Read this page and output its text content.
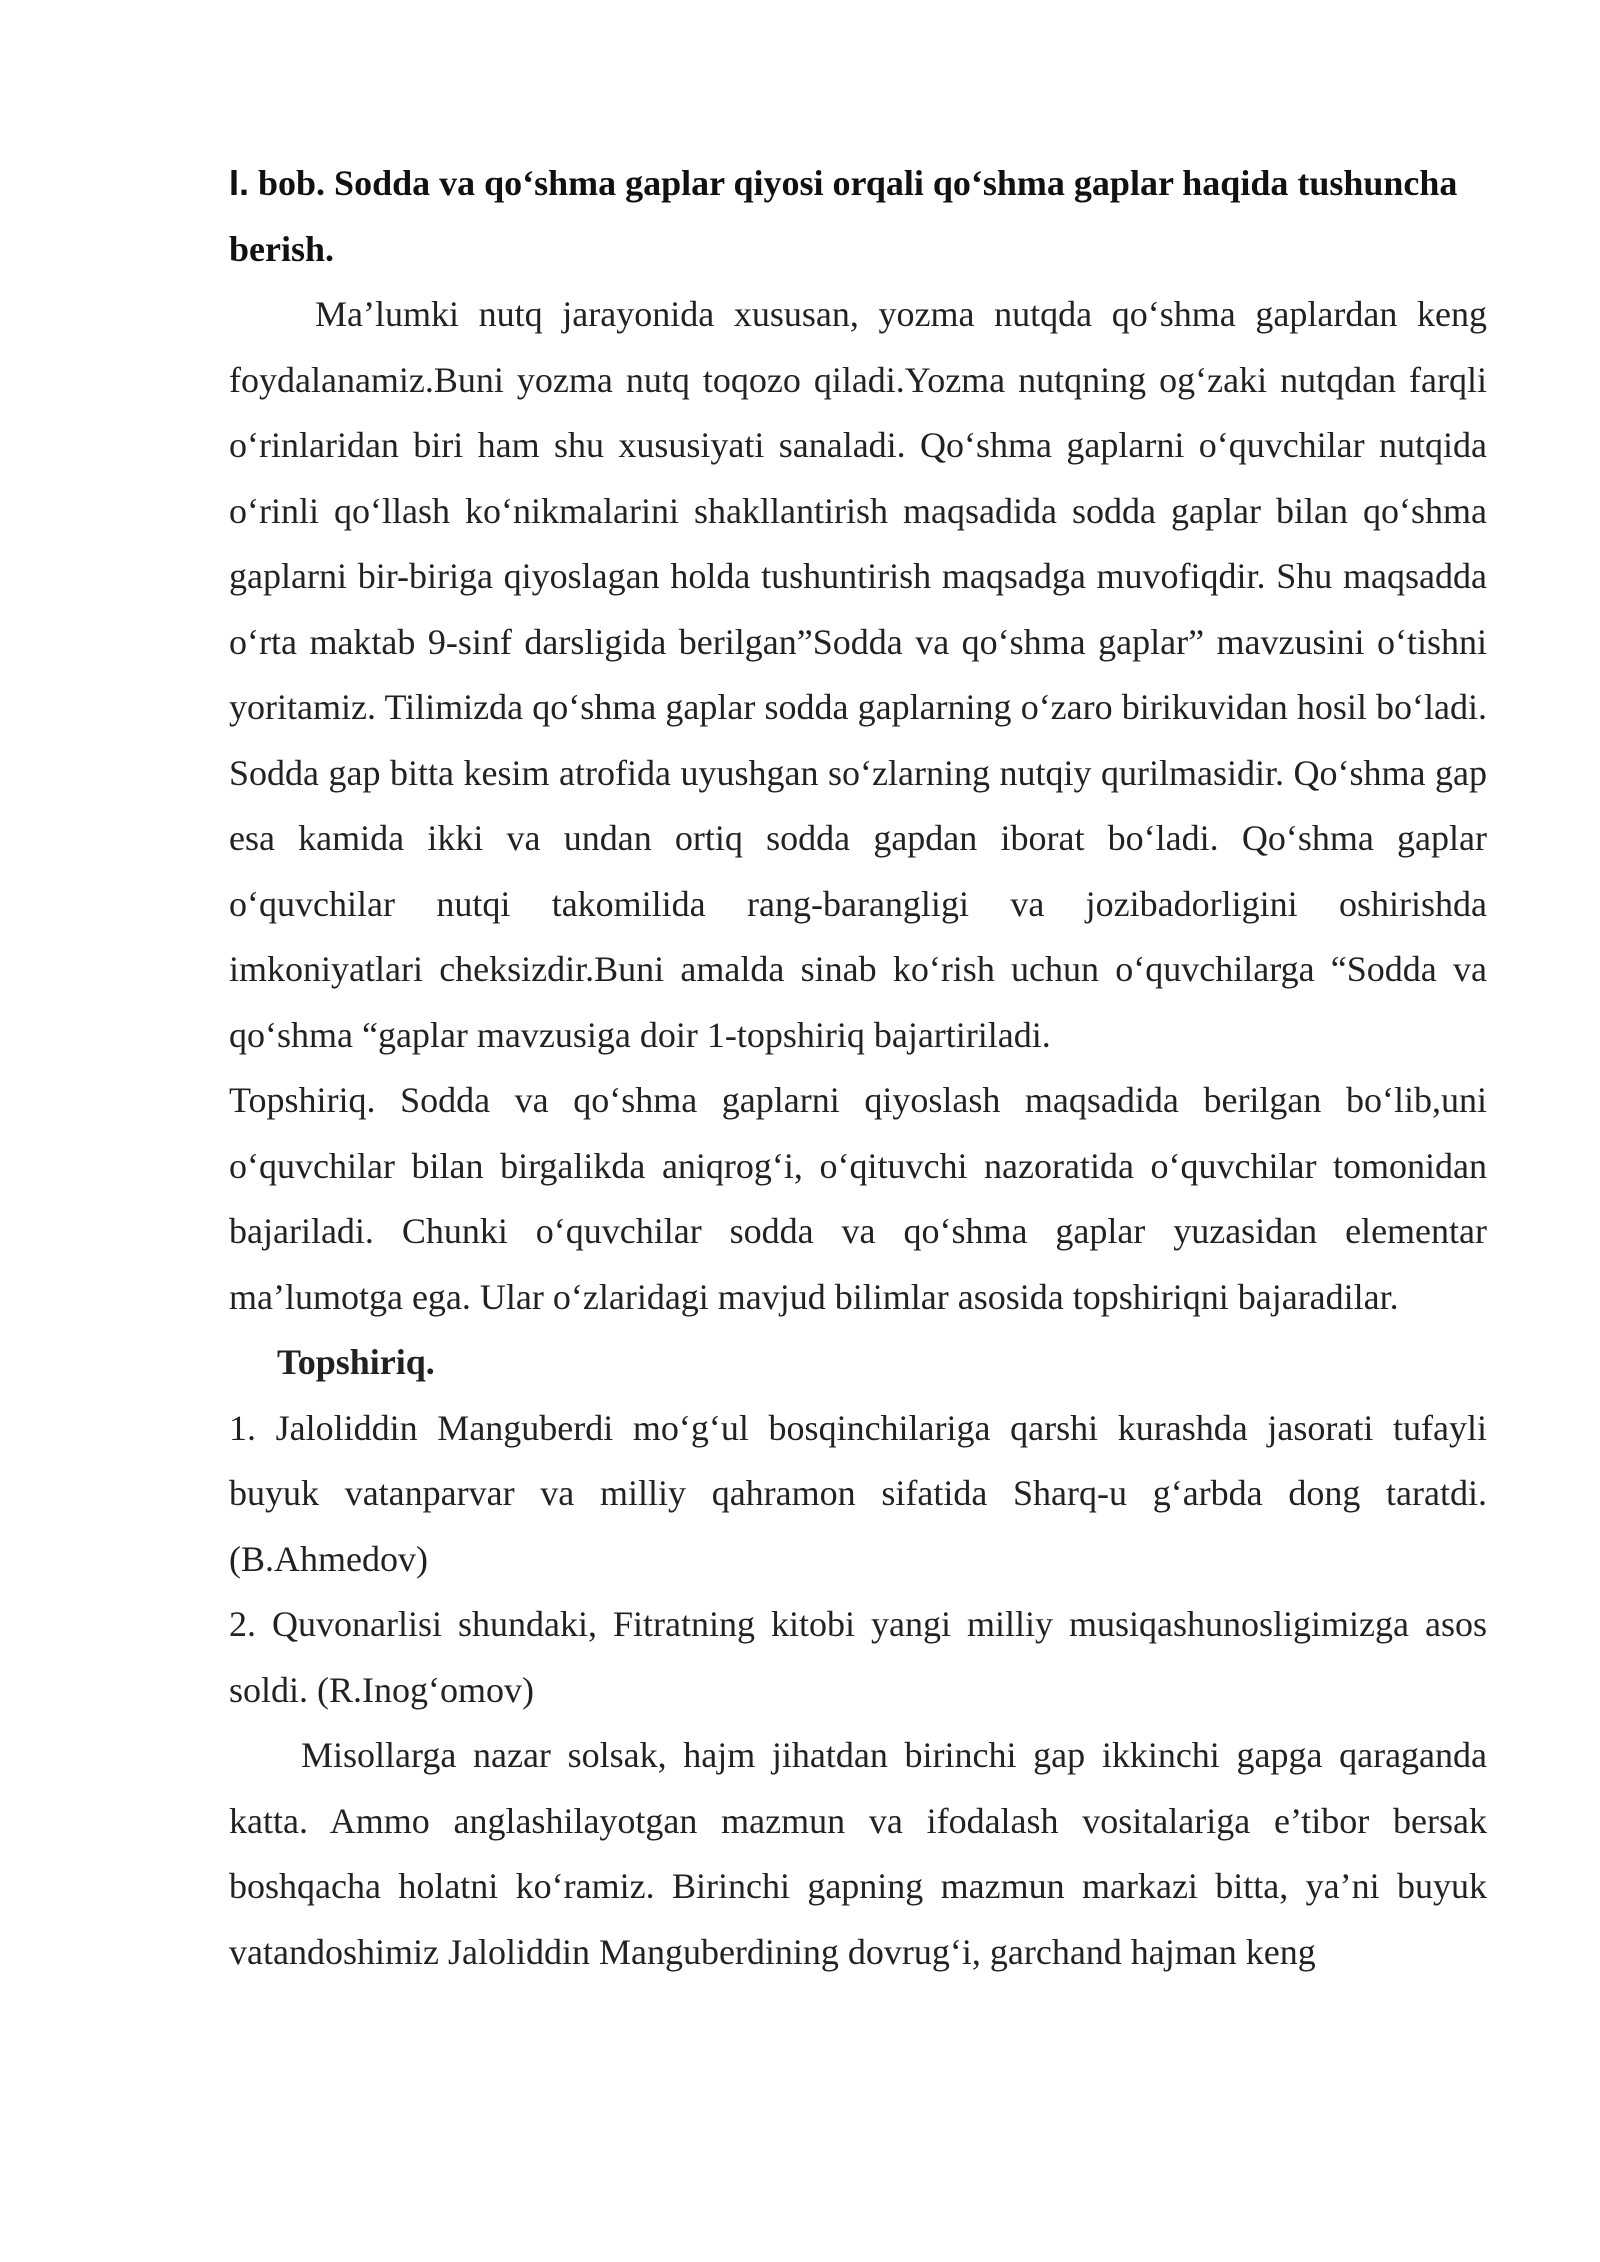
I. bob. Sodda va qo‘shma gaplar qiyosi orqali qo‘shma gaplar haqida tushuncha berish.

Ma’lumki nutq jarayonida xususan, yozma nutqda qo‘shma gaplardan keng foydalanamiz.Buni yozma nutq toqozo qiladi.Yozma nutqning og‘zaki nutqdan farqli o‘rinlaridan biri ham shu xususiyati sanaladi. Qo‘shma gaplarni o‘quvchilar nutqida o‘rinli qo‘llash ko‘nikmalarini shakllantirish maqsadida sodda gaplar bilan qo‘shma gaplarni bir-biriga qiyoslagan holda tushuntirish maqsadga muvofiqdir. Shu maqsadda o‘rta maktab 9-sinf darsligida berilgan”Sodda va qo‘shma gaplar” mavzusini o‘tishni yoritamiz. Tilimizda qo‘shma gaplar sodda gaplarning o‘zaro birikuvidan hosil bo‘ladi. Sodda gap bitta kesim atrofida uyushgan so‘zlarning nutqiy qurilmasidir. Qo‘shma gap esa kamida ikki va undan ortiq sodda gapdan iborat bo‘ladi. Qo‘shma gaplar o‘quvchilar nutqi takomilida rang-barangligi va jozibadorligini oshirishda imkoniyatlari cheksizdir.Buni amalda sinab ko‘rish uchun o‘quvchilarga “Sodda va qo‘shma “gaplar mavzusiga doir 1-topshiriq bajartiriladi.

Topshiriq. Sodda va qo‘shma gaplarni qiyoslash maqsadida berilgan bo‘lib,uni o‘quvchilar bilan birgalikda aniqrog‘i, o‘qituvchi nazoratida o‘quvchilar tomonidan bajariladi. Chunki o‘quvchilar sodda va qo‘shma gaplar yuzasidan elementar ma’lumotga ega. Ular o‘zlaridagi mavjud bilimlar asosida topshiriqni bajaradilar.

Topshiriq.

1. Jaloliddin Manguberdi mo‘g‘ul bosqinchilariga qarshi kurashda jasorati tufayli buyuk vatanparvar va milliy qahramon sifatida Sharq-u g‘arbda dong taratdi. (B.Ahmedov)

2. Quvonarlisi shundaki, Fitratning kitobi yangi milliy musiqashunosligimizga asos soldi. (R.Inog‘omov)

Misollarga nazar solsak, hajm jihatdan birinchi gap ikkinchi gapga qaraganda katta. Ammo anglashilayotgan mazmun va ifodalash vositalariga e’tibor bersak boshqacha holatni ko‘ramiz. Birinchi gapning mazmun markazi bitta, ya’ni buyuk vatandoshimiz Jaloliddin Manguberdining dovrug‘i, garchand hajman keng
